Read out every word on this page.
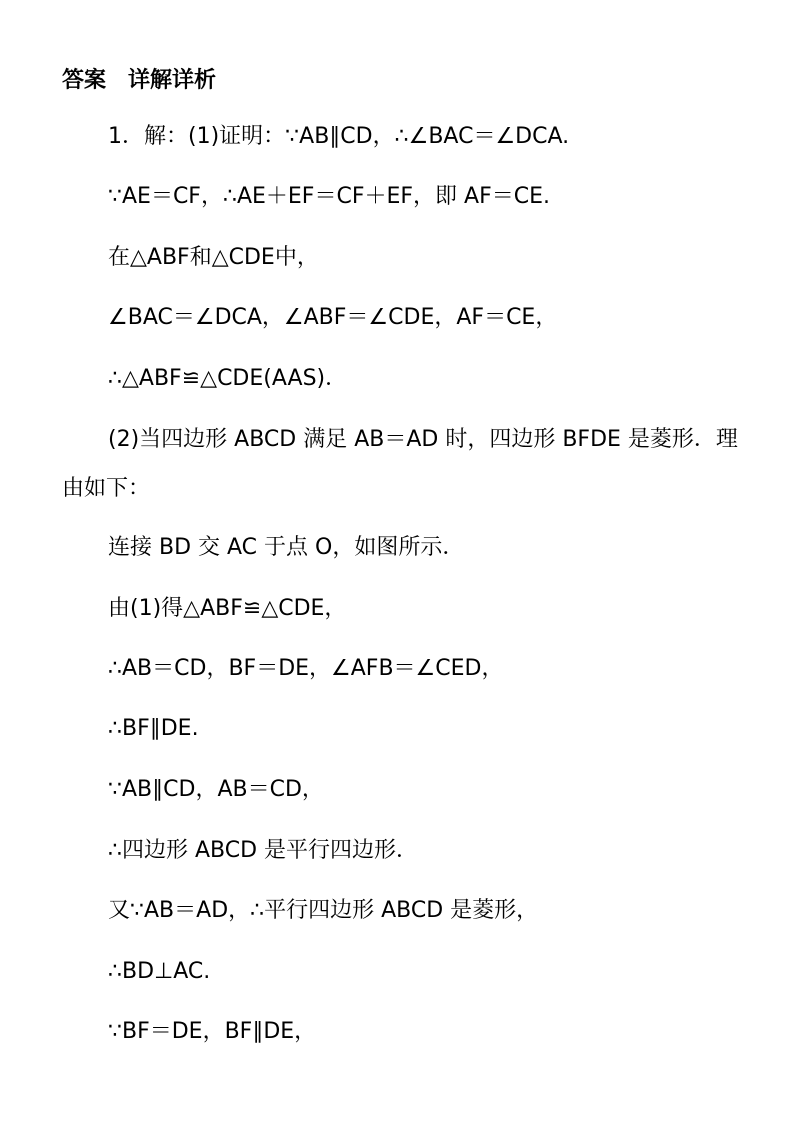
答案　详解详析
1．解：(1)证明：∵AB∥CD，∴∠BAC＝∠DCA.
∵AE＝CF，∴AE＋EF＝CF＋EF，即 AF＝CE.
在△ABF和△CDE中，
∠BAC＝∠DCA，∠ABF＝∠CDE，AF＝CE，
∴△ABF≌△CDE(AAS)．
(2)当四边形 ABCD 满足 AB＝AD 时，四边形 BFDE 是菱形．理
由如下：
连接 BD 交 AC 于点 O，如图所示．
由(1)得△ABF≌△CDE，
∴AB＝CD，BF＝DE，∠AFB＝∠CED，
∴BF∥DE.
∵AB∥CD，AB＝CD，
∴四边形 ABCD 是平行四边形．
又∵AB＝AD，∴平行四边形 ABCD 是菱形，
∴BD⊥AC.
∵BF＝DE，BF∥DE，
